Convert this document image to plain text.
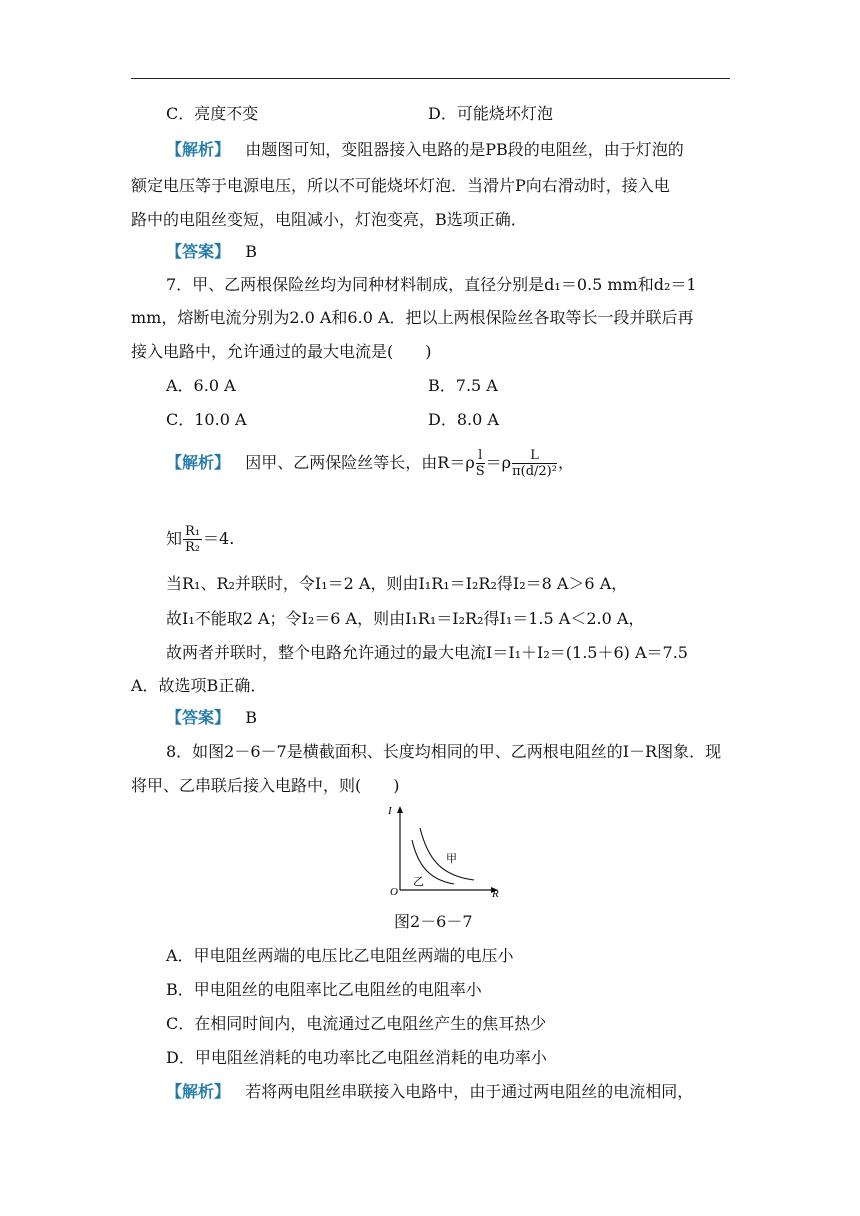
C．亮度不变	D．可能烧坏灯泡
【解析】 由题图可知，变阻器接入电路的是PB段的电阻丝，由于灯泡的
额定电压等于电源电压，所以不可能烧坏灯泡．当滑片P向右滑动时，接入电
路中的电阻丝变短，电阻减小，灯泡变亮，B选项正确．
【答案】 B
7．甲、乙两根保险丝均为同种材料制成，直径分别是d₁＝0.5 mm和d₂＝1
mm，熔断电流分别为2.0 A和6.0 A．把以上两根保险丝各取等长一段并联后再
接入电路中，允许通过的最大电流是(　　)
A．6.0 A	B．7.5 A
C．10.0 A	D．8.0 A
【解析】 因甲、乙两保险丝等长，由$R=\rho \frac{l}{S} =\rho \frac{L}{\text{π(d/2)²}}$ ，
知 $\frac{\text{R₁}}{\text{R₂}} =4$.
当R₁、R₂并联时，令I₁＝2 A，则由I₁R₁＝I₂R₂得I₂＝8 A＞6 A，
故I₁不能取2 A；令I₂＝6 A，则由I₁R₁＝I₂R₂得I₁＝1.5 A＜2.0 A，
故两者并联时，整个电路允许通过的最大电流I＝I₁＋I₂＝(1.5＋6) A＝7.5
A．故选项B正确．
【答案】 B
8．如图2－6－7是横截面积、长度均相同的甲、乙两根电阻丝的I－R图象．现
将甲、乙串联后接入电路中，则(　　)
I
R
O
甲
乙
图2－6－7
A．甲电阻丝两端的电压比乙电阻丝两端的电压小
B．甲电阻丝的电阻率比乙电阻丝的电阻率小
C．在相同时间内，电流通过乙电阻丝产生的焦耳热少
D．甲电阻丝消耗的电功率比乙电阻丝消耗的电功率小
【解析】 若将两电阻丝串联接入电路中，由于通过两电阻丝的电流相同，
